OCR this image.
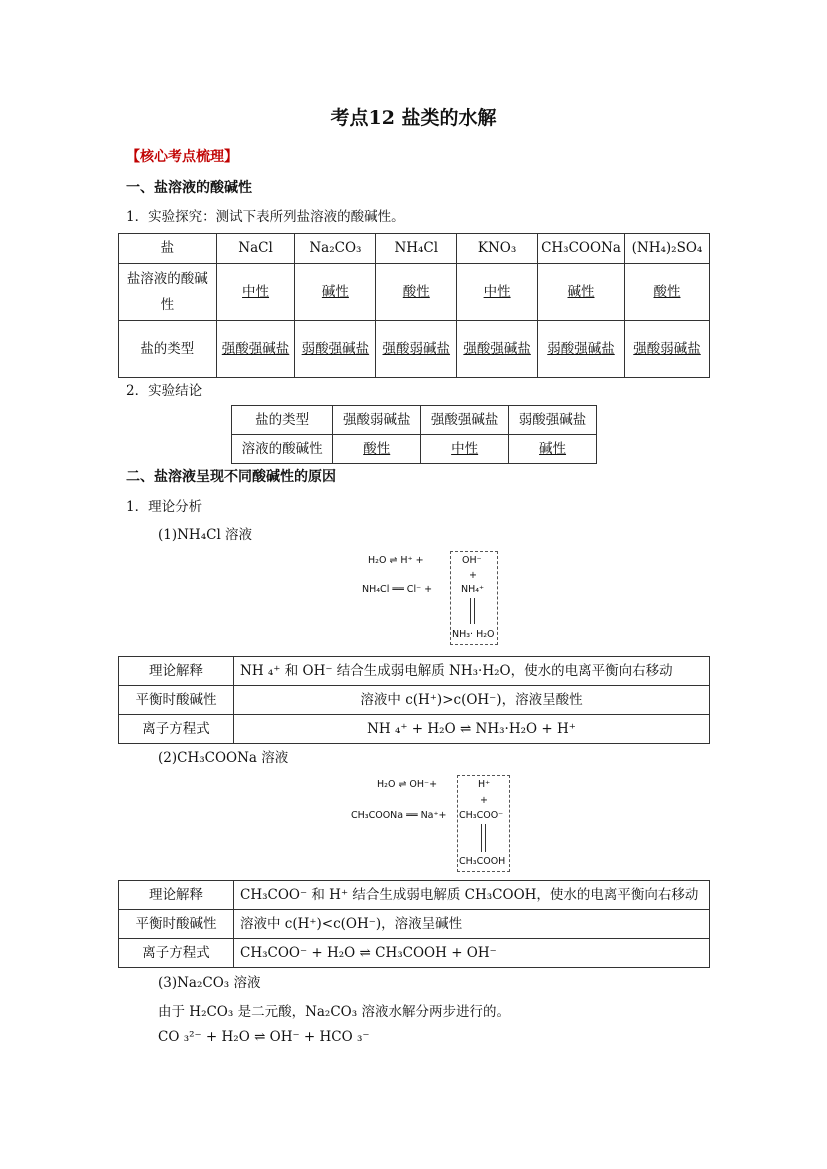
考点12 盐类的水解
【核心考点梳理】
一、盐溶液的酸碱性
1．实验探究：测试下表所列盐溶液的酸碱性。
盐	NaCl	Na₂CO₃	NH₄Cl	KNO₃	CH₃COONa	(NH₄)₂SO₄
盐溶液的酸碱性	中性	碱性	酸性	中性	碱性	酸性
盐的类型	强酸强碱盐	弱酸强碱盐	强酸弱碱盐	强酸强碱盐	弱酸强碱盐	强酸弱碱盐
2．实验结论
盐的类型	强酸弱碱盐	强酸强碱盐	弱酸强碱盐
溶液的酸碱性	酸性	中性	碱性
二、盐溶液呈现不同酸碱性的原因
1．理论分析
(1)NH₄Cl 溶液
H₂O ⇌ H⁺ +
NH₄Cl ══ Cl⁻ +
OH⁻
+
NH₄⁺
NH₃· H₂O
理论解释	NH ₄⁺ 和 OH⁻ 结合生成弱电解质 NH₃·H₂O，使水的电离平衡向右移动
平衡时酸碱性	溶液中 c(H⁺)>c(OH⁻)，溶液呈酸性
离子方程式	NH ₄⁺ + H₂O ⇌ NH₃·H₂O + H⁺
(2)CH₃COONa 溶液
H₂O ⇌ OH⁻+
CH₃COONa ══ Na⁺+
H⁺
+
CH₃COO⁻
CH₃COOH
理论解释	CH₃COO⁻ 和 H⁺ 结合生成弱电解质 CH₃COOH，使水的电离平衡向右移动
平衡时酸碱性	溶液中 c(H⁺)<c(OH⁻)，溶液呈碱性
离子方程式	CH₃COO⁻ + H₂O ⇌ CH₃COOH + OH⁻
(3)Na₂CO₃ 溶液
由于 H₂CO₃ 是二元酸，Na₂CO₃ 溶液水解分两步进行的。
CO ₃²⁻ + H₂O ⇌ OH⁻ + HCO ₃⁻
